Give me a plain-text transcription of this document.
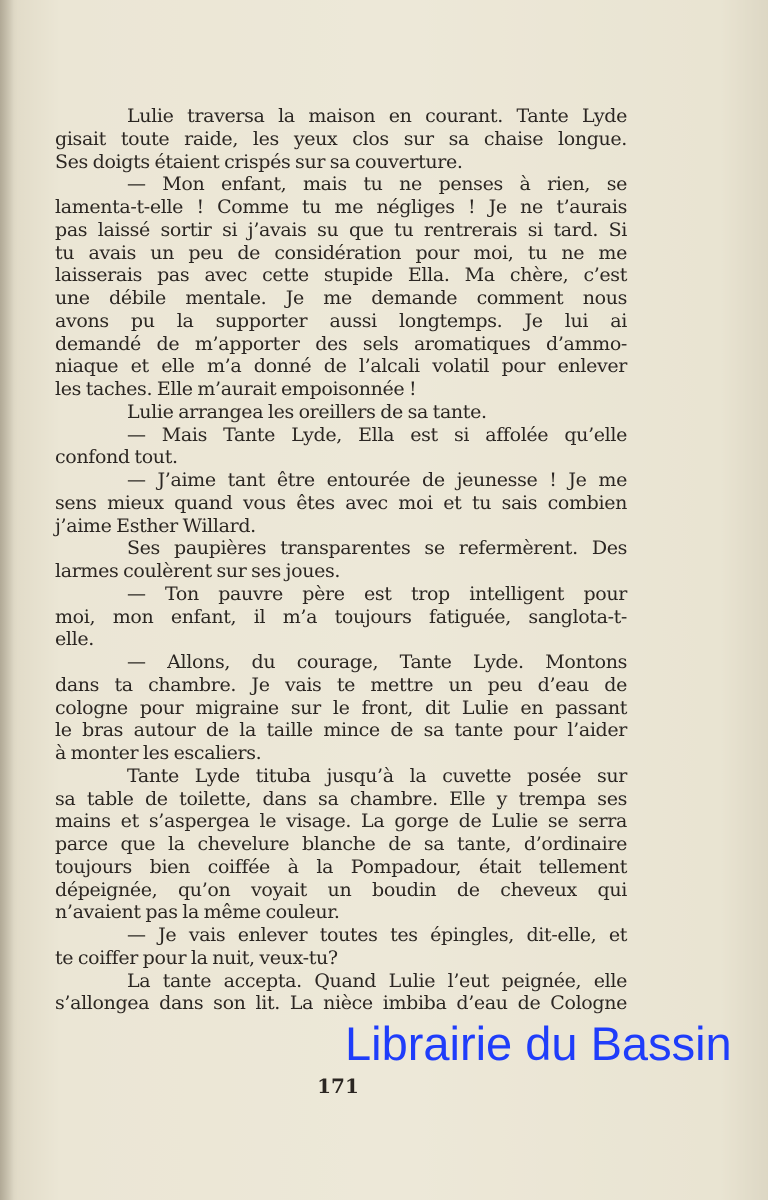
Lulie traversa la maison en courant. Tante Lyde
gisait toute raide, les yeux clos sur sa chaise longue.
Ses doigts étaient crispés sur sa couverture.
— Mon enfant, mais tu ne penses à rien, se
lamenta-t-elle ! Comme tu me négliges ! Je ne t’aurais
pas laissé sortir si j’avais su que tu rentrerais si tard. Si
tu avais un peu de considération pour moi, tu ne me
laisserais pas avec cette stupide Ella. Ma chère, c’est
une débile mentale. Je me demande comment nous
avons pu la supporter aussi longtemps. Je lui ai
demandé de m’apporter des sels aromatiques d’ammo-
niaque et elle m’a donné de l’alcali volatil pour enlever
les taches. Elle m’aurait empoisonnée !
Lulie arrangea les oreillers de sa tante.
— Mais Tante Lyde, Ella est si affolée qu’elle
confond tout.
— J’aime tant être entourée de jeunesse ! Je me
sens mieux quand vous êtes avec moi et tu sais combien
j’aime Esther Willard.
Ses paupières transparentes se refermèrent. Des
larmes coulèrent sur ses joues.
— Ton pauvre père est trop intelligent pour
moi, mon enfant, il m’a toujours fatiguée, sanglota-t-
elle.
— Allons, du courage, Tante Lyde. Montons
dans ta chambre. Je vais te mettre un peu d’eau de
cologne pour migraine sur le front, dit Lulie en passant
le bras autour de la taille mince de sa tante pour l’aider
à monter les escaliers.
Tante Lyde tituba jusqu’à la cuvette posée sur
sa table de toilette, dans sa chambre. Elle y trempa ses
mains et s’aspergea le visage. La gorge de Lulie se serra
parce que la chevelure blanche de sa tante, d’ordinaire
toujours bien coiffée à la Pompadour, était tellement
dépeignée, qu’on voyait un boudin de cheveux qui
n’avaient pas la même couleur.
— Je vais enlever toutes tes épingles, dit-elle, et
te coiffer pour la nuit, veux-tu?
La tante accepta. Quand Lulie l’eut peignée, elle
s’allongea dans son lit. La nièce imbiba d’eau de Cologne
Librairie du Bassin
171
